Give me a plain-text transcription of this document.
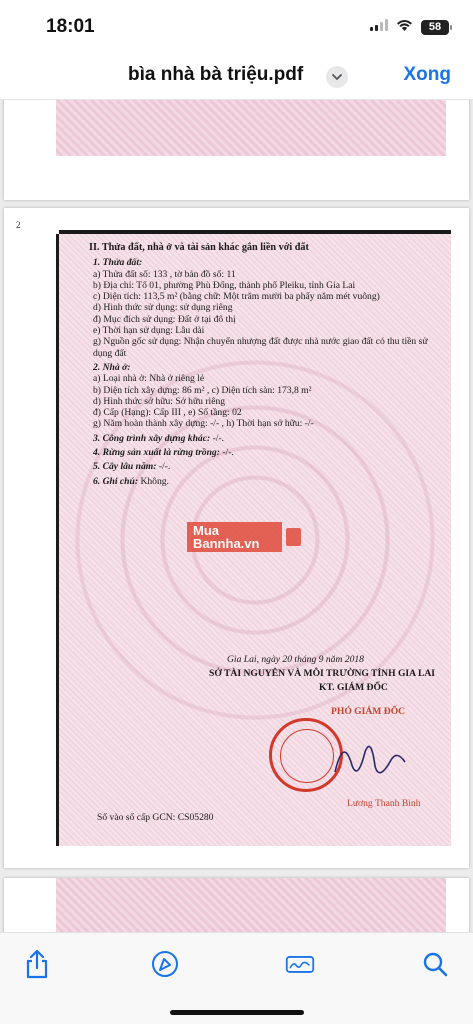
18:01	58
bìa nhà bà triệu.pdf	Xong
2

II. Thửa đất, nhà ở và tài sản khác gắn liền với đất

1. Thửa đất:

a) Thửa đất số: 133 , tờ bản đồ số: 11

b) Địa chỉ: Tổ 01, phường Phù Đổng, thành phố Pleiku, tỉnh Gia Lai

c) Diện tích: 113,5 m² (bằng chữ: Một trăm mười ba phẩy năm mét vuông)

d) Hình thức sử dụng: sử dụng riêng

đ) Mục đích sử dụng: Đất ở tại đô thị

e) Thời hạn sử dụng: Lâu dài

g) Nguồn gốc sử dụng: Nhận chuyển nhượng đất được nhà nước giao đất có thu tiền sử

dụng đất

2. Nhà ở:

a) Loại nhà ở: Nhà ở riêng lẻ

b) Diện tích xây dựng: 86 m² , c) Diện tích sàn: 173,8 m²

d) Hình thức sở hữu: Sở hữu riêng

đ) Cấp (Hạng): Cấp III , e) Số tầng: 02

g) Năm hoàn thành xây dựng: -/- , h) Thời hạn sở hữu: -/-

3. Công trình xây dựng khác: -/-.

4. Rừng sản xuất là rừng trồng: -/-.

5. Cây lâu năm: -/-.

6. Ghi chú: Không.

Mua Bannha.vn
Gia Lai, ngày 20 tháng 9 năm 2018
SỞ TÀI NGUYÊN VÀ MÔI TRƯỜNG TỈNH GIA LAI
KT. GIÁM ĐỐC
PHÓ GIÁM ĐỐC
Lương Thanh Bình
Số vào sổ cấp GCN: CS05280
